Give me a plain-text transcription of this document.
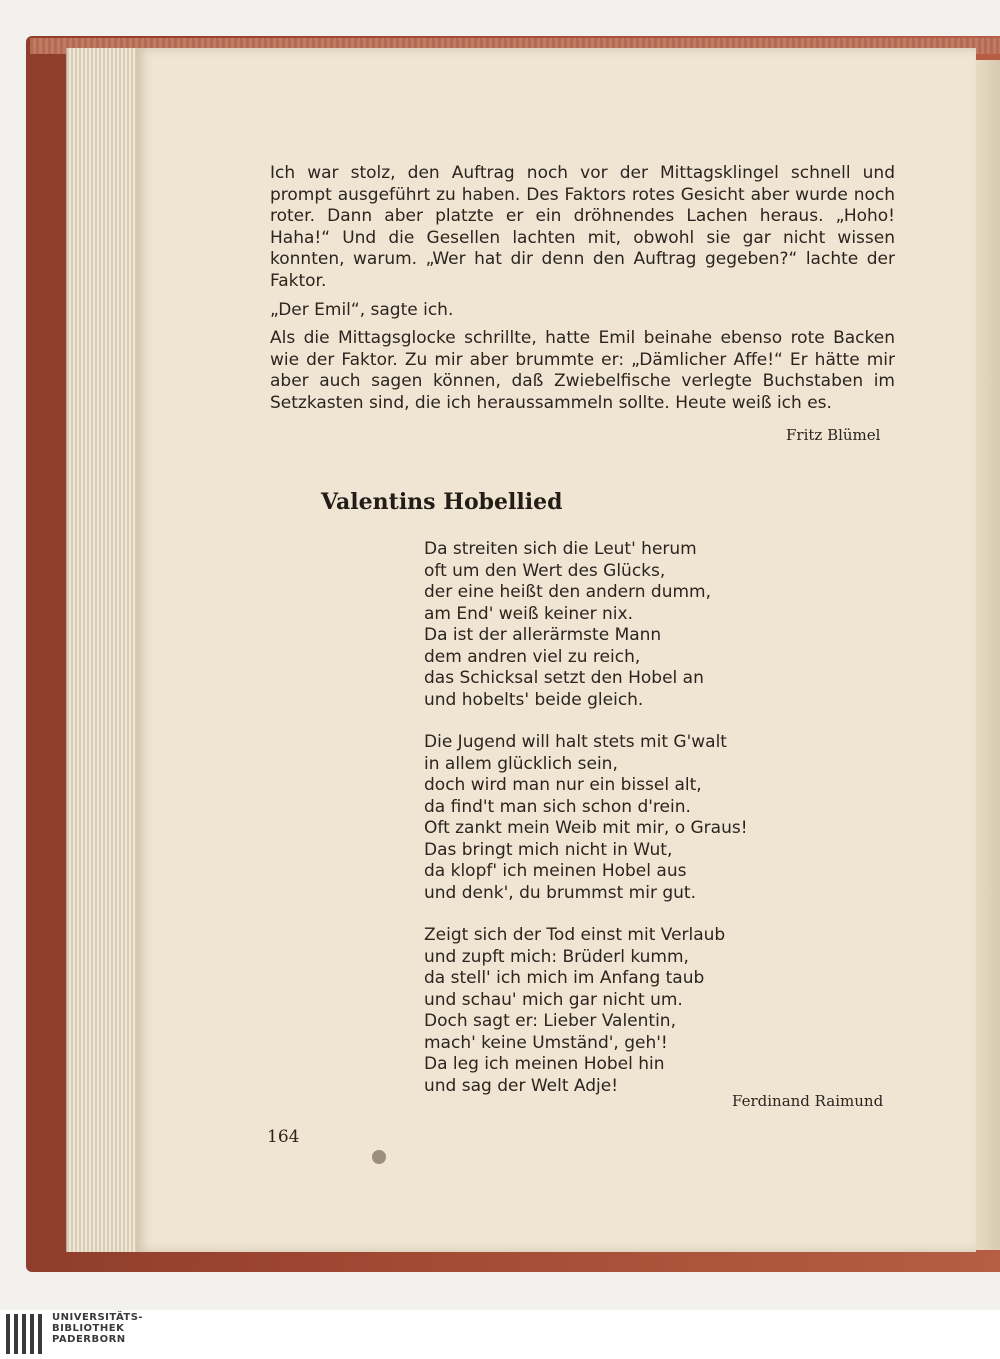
Ich war stolz, den Auftrag noch vor der Mittagsklingel schnell und prompt ausgeführt zu haben. Des Faktors rotes Gesicht aber wurde noch roter. Dann aber platzte er ein dröhnendes Lachen heraus. „Hoho! Haha!“ Und die Gesellen lachten mit, obwohl sie gar nicht wissen konnten, warum. „Wer hat dir denn den Auftrag gegeben?“ lachte der Faktor.

„Der Emil“, sagte ich.

Als die Mittagsglocke schrillte, hatte Emil beinahe ebenso rote Backen wie der Faktor. Zu mir aber brummte er: „Dämlicher Affe!“ Er hätte mir aber auch sagen können, daß Zwiebelfische verlegte Buchstaben im Setzkasten sind, die ich heraussammeln sollte. Heute weiß ich es.

Fritz Blümel
Valentins Hobellied
Da streiten sich die Leut' herum
oft um den Wert des Glücks,
der eine heißt den andern dumm,
am End' weiß keiner nix.
Da ist der allerärmste Mann
dem andren viel zu reich,
das Schicksal setzt den Hobel an
und hobelts' beide gleich.
Die Jugend will halt stets mit G'walt
in allem glücklich sein,
doch wird man nur ein bissel alt,
da find't man sich schon d'rein.
Oft zankt mein Weib mit mir, o Graus!
Das bringt mich nicht in Wut,
da klopf' ich meinen Hobel aus
und denk', du brummst mir gut.
Zeigt sich der Tod einst mit Verlaub
und zupft mich: Brüderl kumm,
da stell' ich mich im Anfang taub
und schau' mich gar nicht um.
Doch sagt er: Lieber Valentin,
mach' keine Umständ', geh'!
Da leg ich meinen Hobel hin
und sag der Welt Adje!
Ferdinand Raimund
164
UNIVERSITÄTS-
BIBLIOTHEK
PADERBORN
